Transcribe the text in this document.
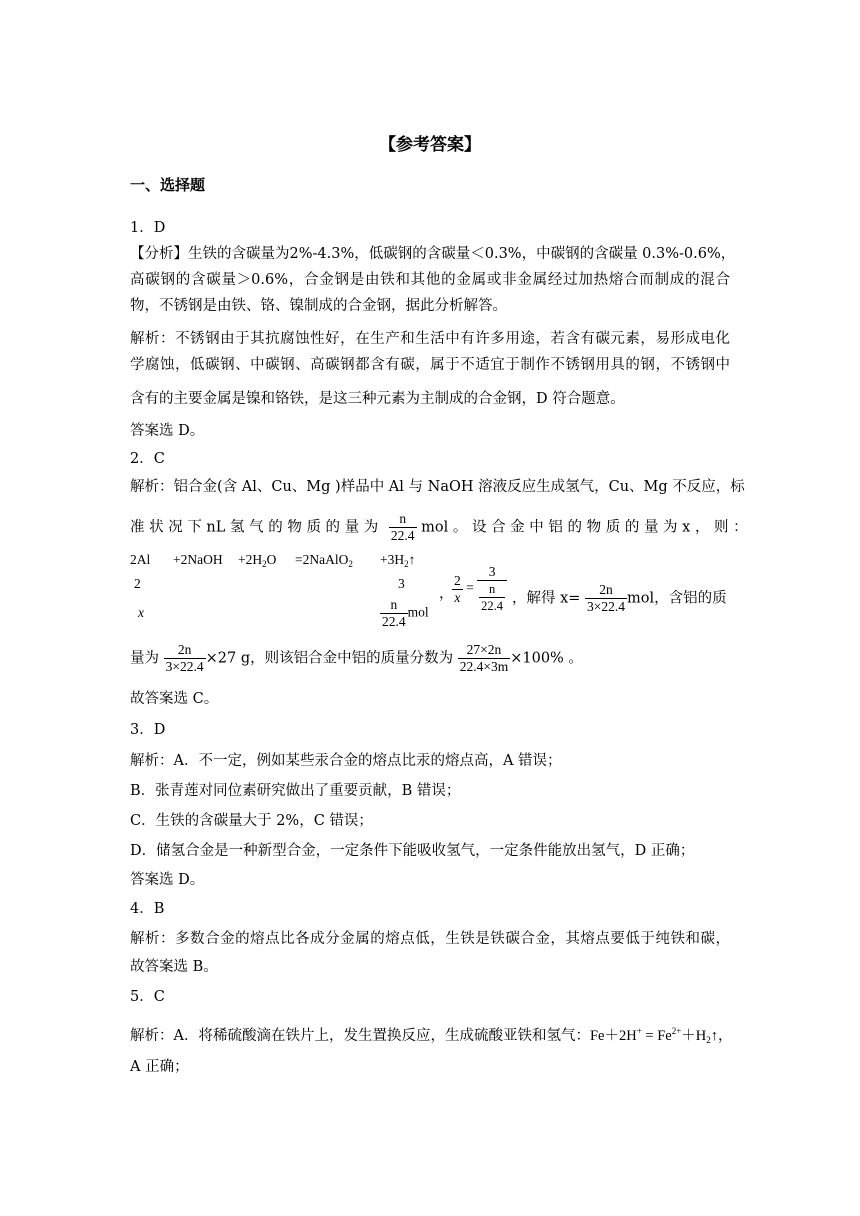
【参考答案】
一、选择题
1．D
【分析】生铁的含碳量为2%-4.3%，低碳钢的含碳量＜0.3%，中碳钢的含碳量 0.3%-0.6%，
高碳钢的含碳量＞0.6%，合金钢是由铁和其他的金属或非金属经过加热熔合而制成的混合
物，不锈钢是由铁、铬、镍制成的合金钢，据此分析解答。
解析：不锈钢由于其抗腐蚀性好，在生产和生活中有许多用途，若含有碳元素，易形成电化
学腐蚀，低碳钢、中碳钢、高碳钢都含有碳，属于不适宜于制作不锈钢用具的钢，不锈钢中
含有的主要金属是镍和铬铁，是这三种元素为主制成的合金钢，D 符合题意。
答案选 D。
2．C
解析：铝合金(含 Al、Cu、Mg )样品中 Al 与 NaOH 溶液反应生成氢气，Cu、Mg 不反应，标
准 状 况 下 nL 氢 气 的 物 质 的 量 为 $\frac{n}{22.4}$ mol 。 设 合 金 中 铝 的 物 质 的 量 为 x ， 则 ：
2Al +2NaOH $+2H_2O$ =2NaAlO$_2$ $+3H_2↑$
2	3
x	$\frac{n}{22.4}$ mol
，
$\frac{2}{x} = \frac{3}{\frac{n}{22.4}}$ ，解得 $x= \frac{2n}{3\times 22.4}$ mol，含铝的质
量为 $\frac{2n}{3\times 22.4} \times 27$ g，则该铝合金中铝的质量分数为 $\frac{27\times 2n}{22.4\times 3m} \times 100\%$ 。
故答案选 C。
3．D
解析：A．不一定，例如某些汞合金的熔点比汞的熔点高，A 错误；
B．张青莲对同位素研究做出了重要贡献，B 错误；
C．生铁的含碳量大于 2%，C 错误；
D．储氢合金是一种新型合金，一定条件下能吸收氢气，一定条件能放出氢气，D 正确；
答案选 D。
4．B
解析：多数合金的熔点比各成分金属的熔点低，生铁是铁碳合金，其熔点要低于纯铁和碳，
故答案选 B。
5．C
解析：A．将稀硫酸滴在铁片上，发生置换反应，生成硫酸亚铁和氢气：$Fe+2H^+ = Fe^{2+}+H_2↑$，
A 正确；
